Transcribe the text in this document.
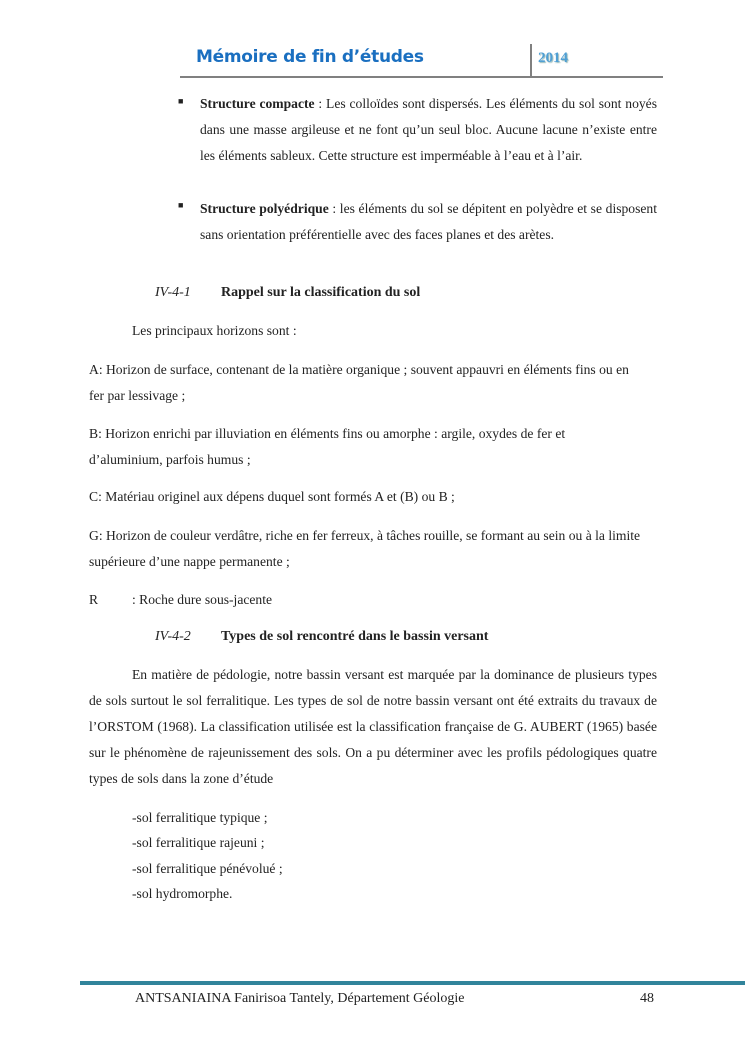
Mémoire de fin d’études	2014
■ Structure compacte : Les colloïdes sont dispersés. Les éléments du sol sont noyés dans une masse argileuse et ne font qu’un seul bloc. Aucune lacune n’existe entre les éléments sableux. Cette structure est imperméable à l’eau et à l’air.
■ Structure polyédrique : les éléments du sol se dépitent en polyèdre et se disposent sans orientation préférentielle avec des faces planes et des arètes.
IV-4-1 Rappel sur la classification du sol
Les principaux horizons sont :
A: Horizon de surface, contenant de la matière organique ; souvent appauvri en éléments fins ou en fer par lessivage ;
B: Horizon enrichi par illuviation en éléments fins ou amorphe : argile, oxydes de fer et d’aluminium, parfois humus ;
C: Matériau originel aux dépens duquel sont formés A et (B) ou B ;
G: Horizon de couleur verdâtre, riche en fer ferreux, à tâches rouille, se formant au sein ou à la limite supérieure d’une nappe permanente ;
R : Roche dure sous-jacente
IV-4-2 Types de sol rencontré dans le bassin versant
En matière de pédologie, notre bassin versant est marquée par la dominance de plusieurs types de sols surtout le sol ferralitique. Les types de sol de notre bassin versant ont été extraits du travaux de l’ORSTOM (1968). La classification utilisée est la classification française de G. AUBERT (1965) basée sur le phénomène de rajeunissement des sols. On a pu déterminer avec les profils pédologiques quatre types de sols dans la zone d’étude
-sol ferralitique typique ;
-sol ferralitique rajeuni ;
-sol ferralitique pénévolué ;
-sol hydromorphe.
ANTSANIAINA Fanirisoa Tantely, Département Géologie	48
